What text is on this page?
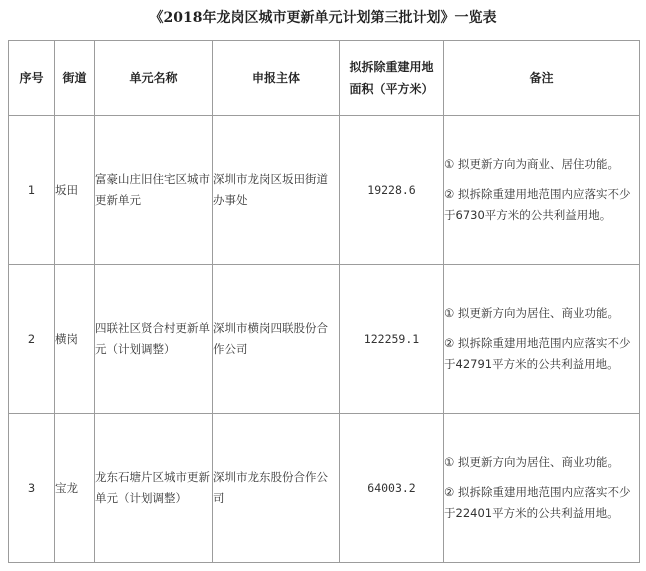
《2018年龙岗区城市更新单元计划第三批计划》一览表
序号	街道	单元名称	申报主体	拟拆除重建用地面积（平方米）	备注
1	坂田	富豪山庄旧住宅区城市更新单元	深圳市龙岗区坂田街道办事处	19228.6	① 拟更新方向为商业、居住功能。
② 拟拆除重建用地范围内应落实不少于6730平方米的公共利益用地。

2	横岗	四联社区贤合村更新单元（计划调整）	深圳市横岗四联股份合作公司	122259.1	① 拟更新方向为居住、商业功能。
② 拟拆除重建用地范围内应落实不少于42791平方米的公共利益用地。

3	宝龙	龙东石塘片区城市更新单元（计划调整）	深圳市龙东股份合作公司	64003.2	① 拟更新方向为居住、商业功能。
② 拟拆除重建用地范围内应落实不少于22401平方米的公共利益用地。
